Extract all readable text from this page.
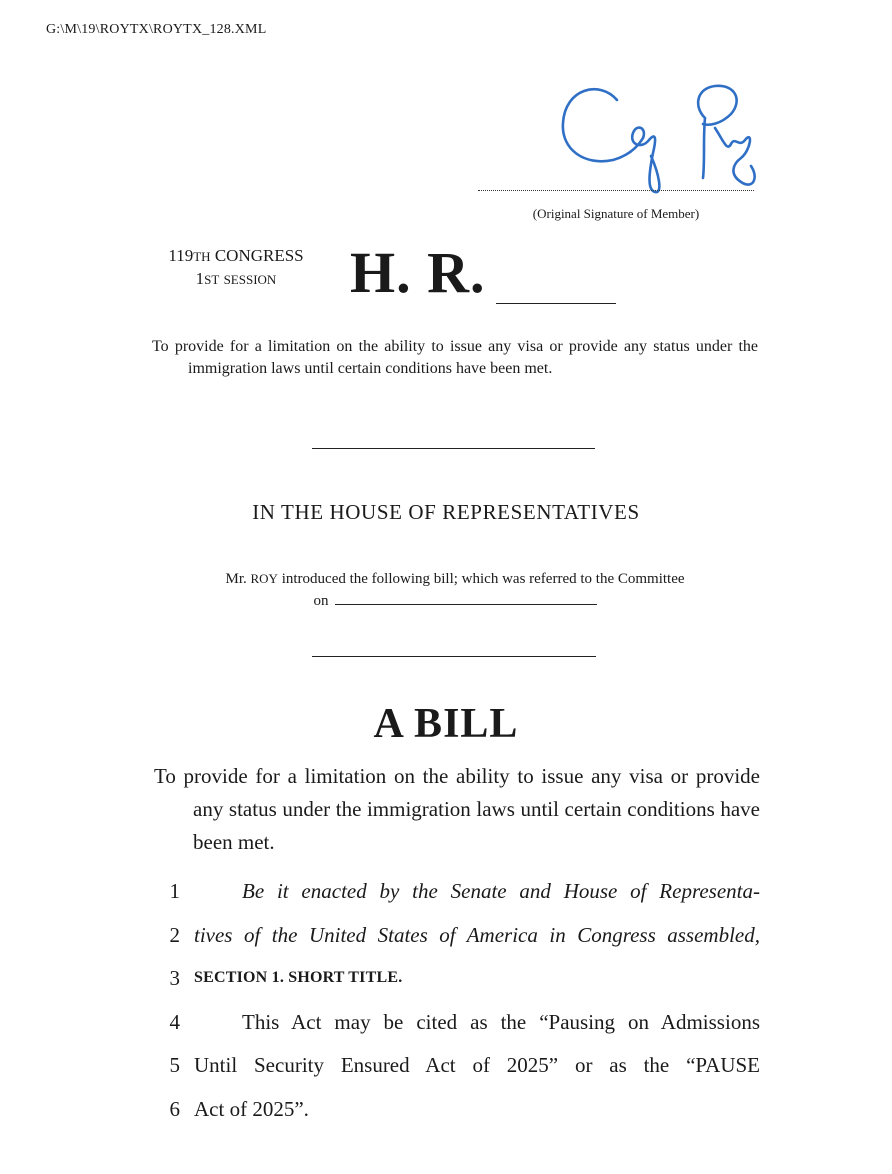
G:\M\19\ROYTX\ROYTX_128.XML
(Original Signature of Member)
119TH CONGRESS
1ST SESSION	H. R.
To provide for a limitation on the ability to issue any visa or provide any status under the immigration laws until certain conditions have been met.
IN THE HOUSE OF REPRESENTATIVES
Mr. ROY introduced the following bill; which was referred to the Committee
on
A BILL
To provide for a limitation on the ability to issue any visa or provide any status under the immigration laws until certain conditions have been met.
1	Be it enacted by the Senate and House of Representa-
2 tives of the United States of America in Congress assembled,
3 SECTION 1. SHORT TITLE.
4	This Act may be cited as the “Pausing on Admissions
5 Until Security Ensured Act of 2025” or as the “PAUSE
6 Act of 2025”.
